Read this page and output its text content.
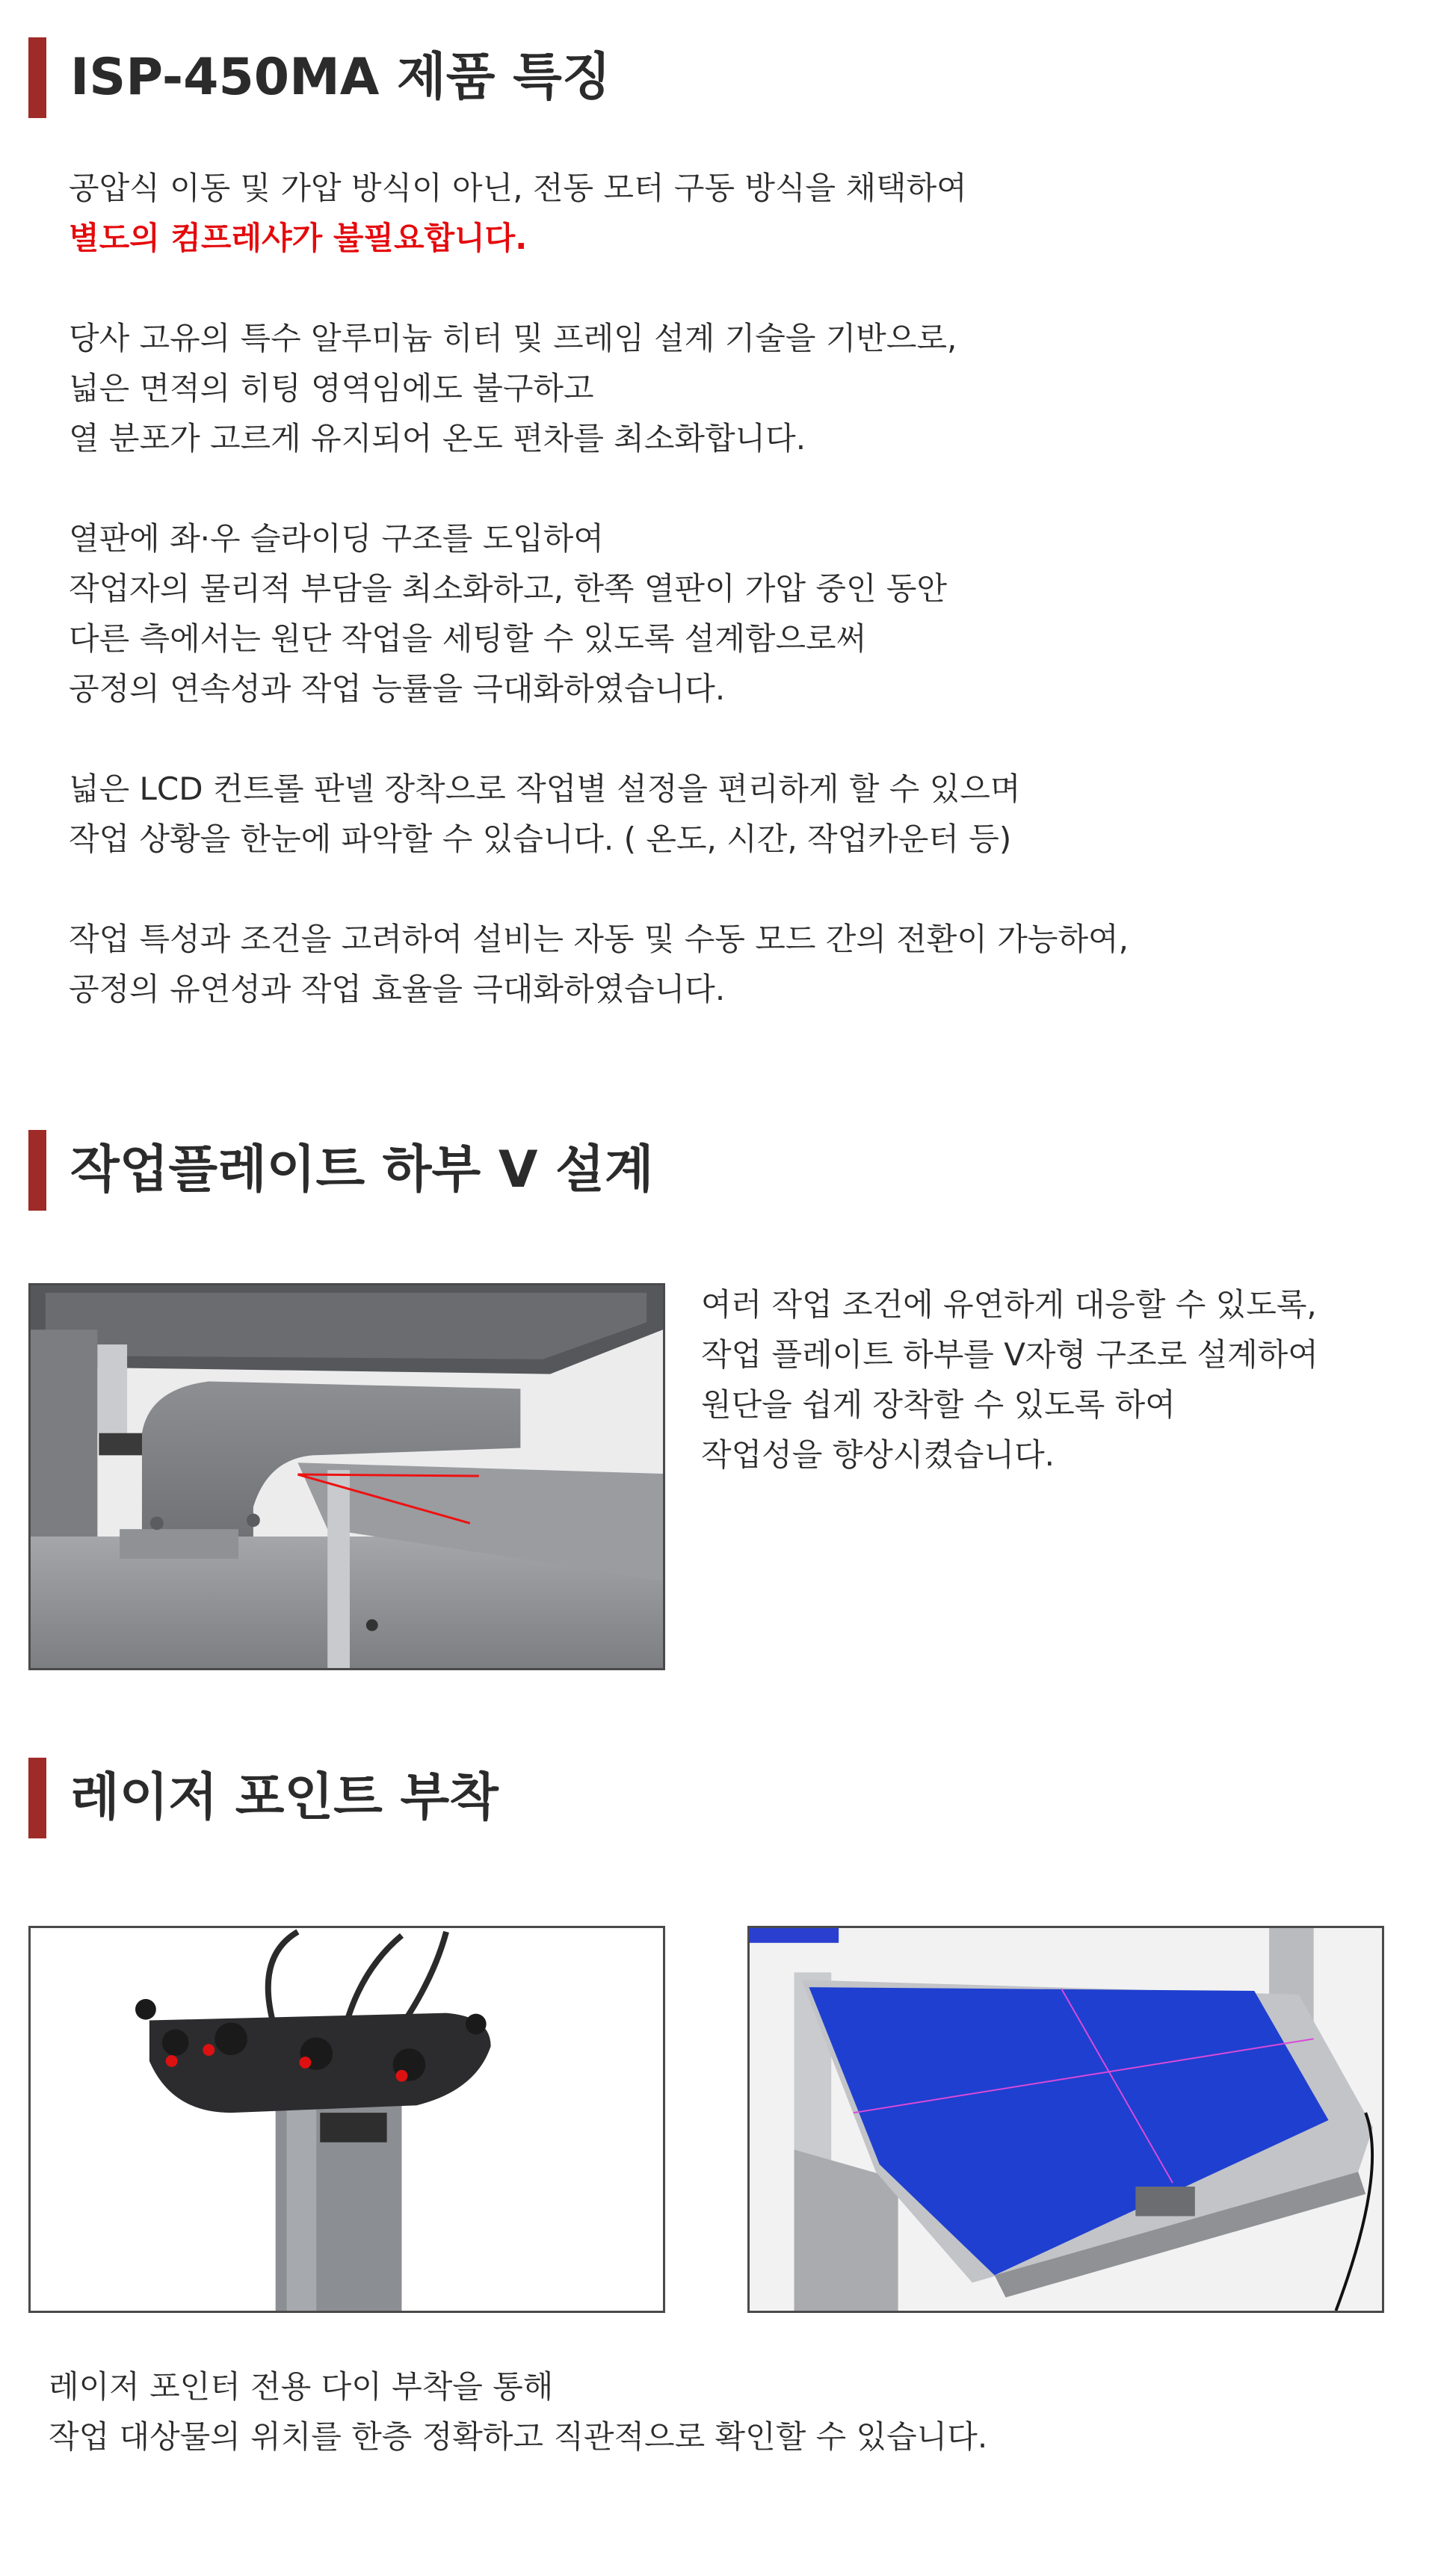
ISP-450MA 제품 특징

공압식 이동 및 가압 방식이 아닌, 전동 모터 구동 방식을 채택하여

별도의 컴프레샤가 불필요합니다.

당사 고유의 특수 알루미늄 히터 및 프레임 설계 기술을 기반으로,

넓은 면적의 히팅 영역임에도 불구하고

열 분포가 고르게 유지되어 온도 편차를 최소화합니다.

열판에 좌·우 슬라이딩 구조를 도입하여

작업자의 물리적 부담을 최소화하고, 한쪽 열판이 가압 중인 동안

다른 측에서는 원단 작업을 세팅할 수 있도록 설계함으로써

공정의 연속성과 작업 능률을 극대화하였습니다.

넓은 LCD 컨트롤 판넬 장착으로 작업별 설정을 편리하게 할 수 있으며

작업 상황을 한눈에 파악할 수 있습니다. ( 온도, 시간, 작업카운터 등)

작업 특성과 조건을 고려하여 설비는 자동 및 수동 모드 간의 전환이 가능하여,

공정의 유연성과 작업 효율을 극대화하였습니다.

작업플레이트 하부 V 설계

여러 작업 조건에 유연하게 대응할 수 있도록,

작업 플레이트 하부를 V자형 구조로 설계하여

원단을 쉽게 장착할 수 있도록 하여

작업성을 향상시켰습니다.

레이저 포인트 부착

레이저 포인터 전용 다이 부착을 통해

작업 대상물의 위치를 한층 정확하고 직관적으로 확인할 수 있습니다.
